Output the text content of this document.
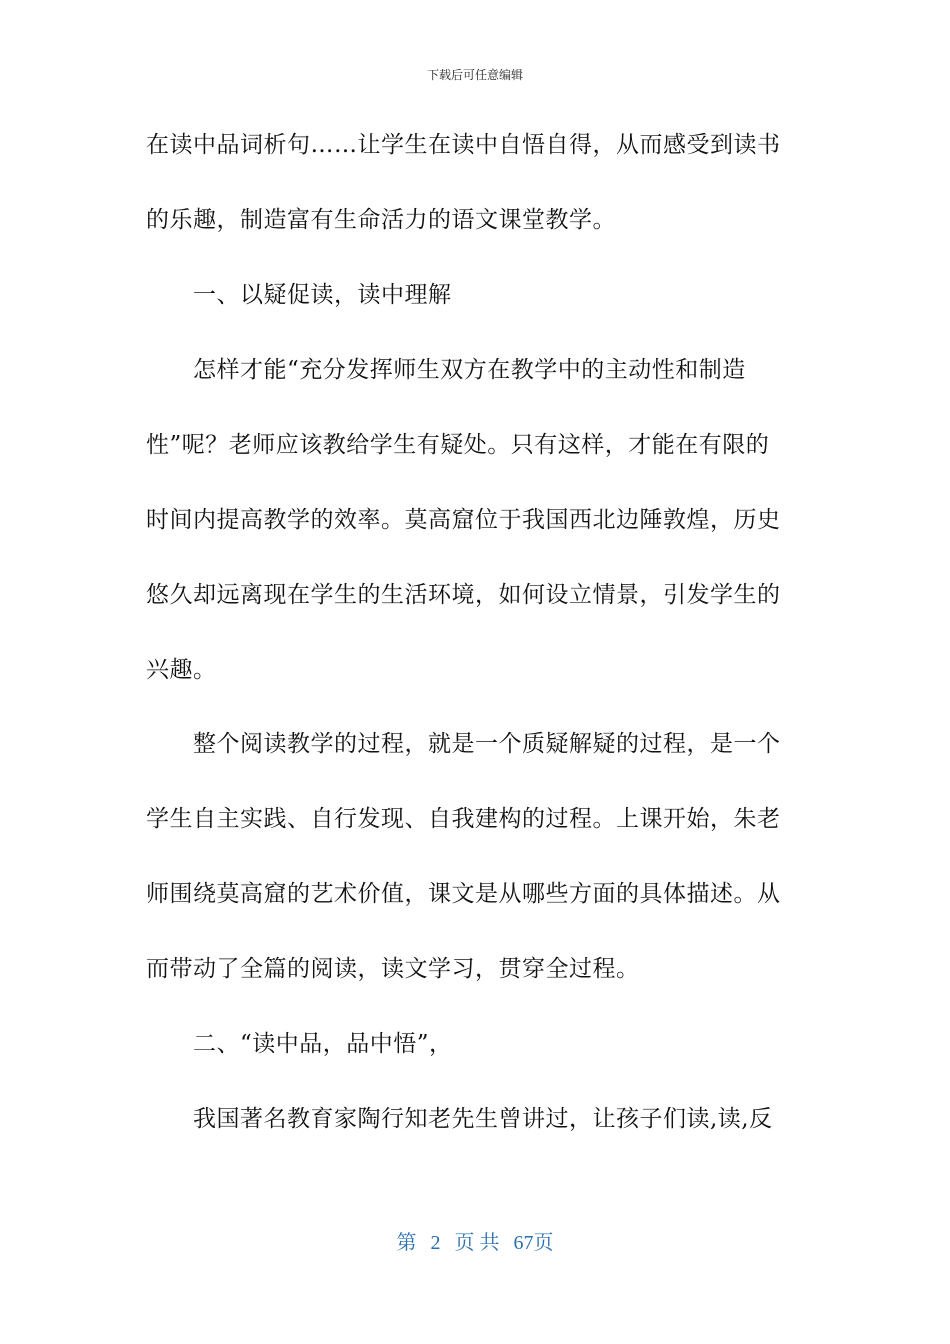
下载后可任意编辑
在读中品词析句……让学生在读中自悟自得，从而感受到读书
的乐趣，制造富有生命活力的语文课堂教学。
一、以疑促读，读中理解
怎样才能“充分发挥师生双方在教学中的主动性和制造
性”呢？老师应该教给学生有疑处。只有这样，才能在有限的
时间内提高教学的效率。莫高窟位于我国西北边陲敦煌，历史
悠久却远离现在学生的生活环境，如何设立情景，引发学生的
兴趣。
整个阅读教学的过程，就是一个质疑解疑的过程，是一个
学生自主实践、自行发现、自我建构的过程。上课开始，朱老
师围绕莫高窟的艺术价值，课文是从哪些方面的具体描述。从
而带动了全篇的阅读，读文学习，贯穿全过程。
二、“读中品，品中悟”，
我国著名教育家陶行知老先生曾讲过，让孩子们读,读,反
第 2 页 共 67页
